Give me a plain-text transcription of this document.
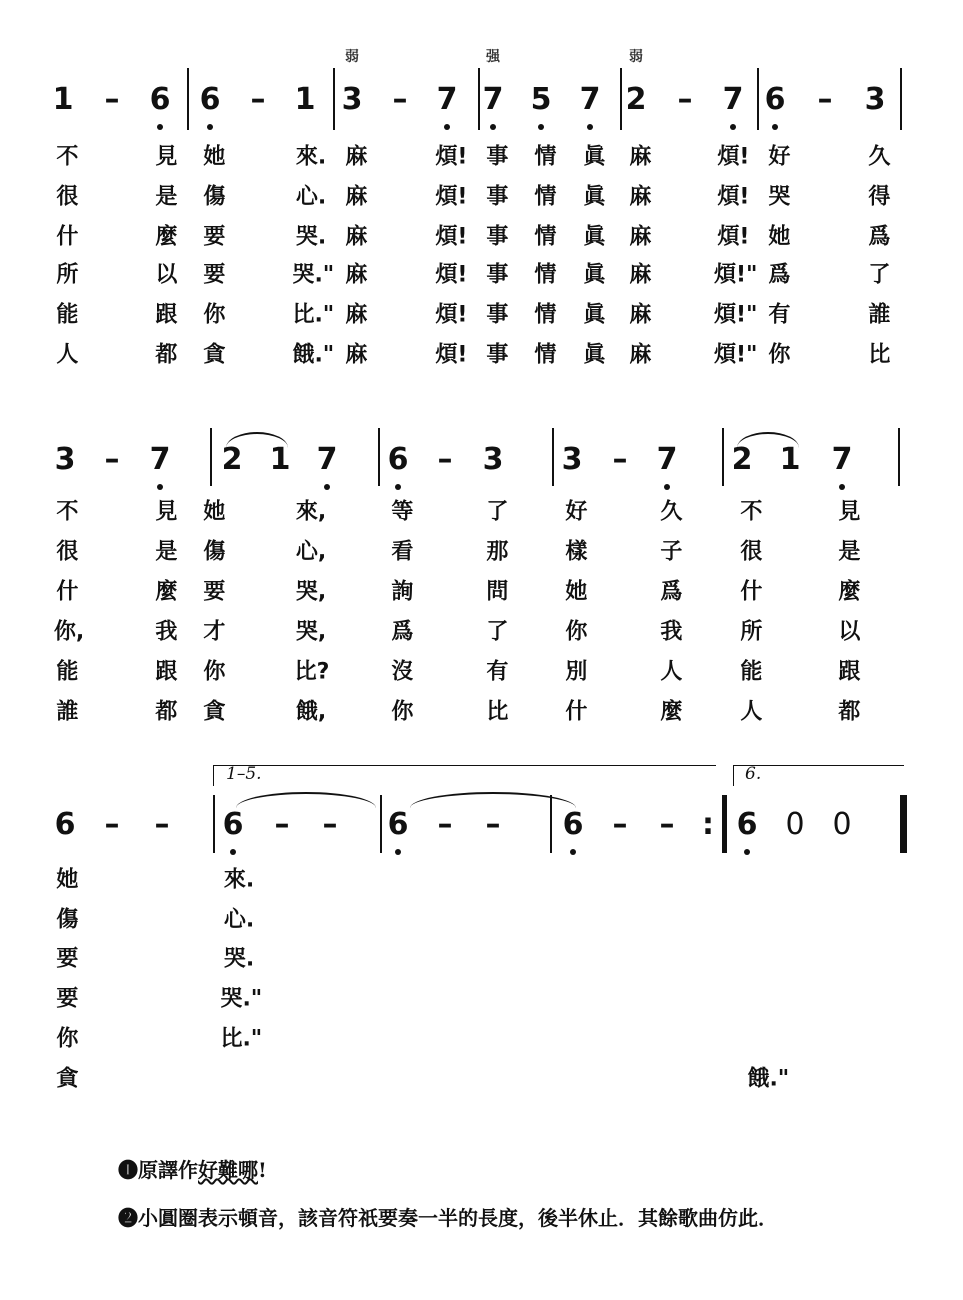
弱	强	弱
1–5.	6.
❶原譯作好難哪!
❷小圓圈表示頓音，該音符祇要奏一半的長度，後半休止．其餘歌曲仿此．
1 – 6 6 – 1 3 – 7 7 5 7 2 – 7 6 – 3
不	見 她	來. 麻	煩! 事 情 眞 麻	煩! 好	久
很	是 傷	心. 麻	煩! 事 情 眞 麻	煩! 哭	得
什	麼 要	哭. 麻	煩! 事 情 眞 麻	煩! 她	爲
所	以 要	哭." 麻	煩! 事 情 眞 麻	煩!" 爲	了
能	跟 你	比." 麻	煩! 事 情 眞 麻	煩!" 有	誰
人	都 貪	餓." 麻	煩! 事 情 眞 麻	煩!" 你	比
3 – 7 2 1 7 6 – 3 3 – 7 2 1 7
不	見 她	來,	等	了	好	久	不	見
很	是 傷	心,	看	那	樣	子	很	是
什	麼 要	哭,	詢	問	她	爲	什	麼
你,	我 才	哭,	爲	了	你	我	所	以
能	跟 你	比?	沒	有	別	人	能	跟
誰	都 貪	餓,	你	比	什	麼	人	都
6 – – 6 – – 6 – – 6 – – : 6 0 0
她	來.
傷	心.
要	哭.
要	哭."
你	比."
貪	餓."
